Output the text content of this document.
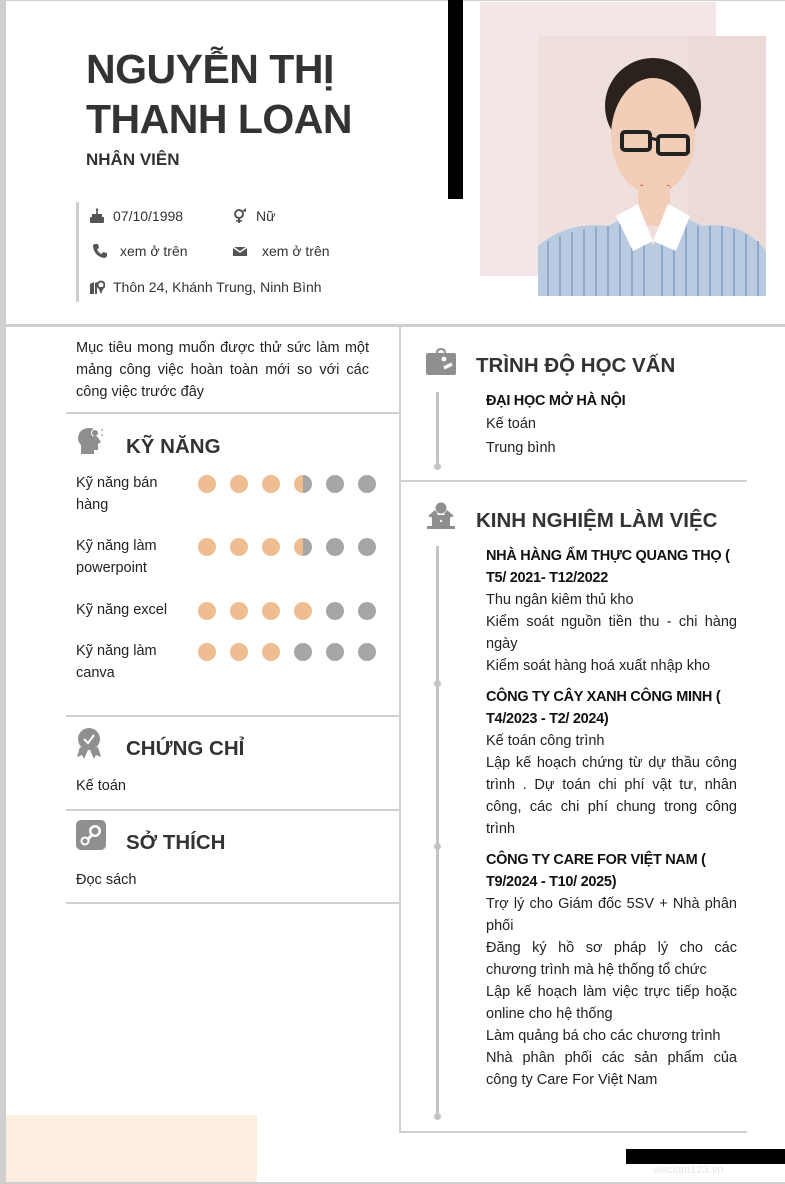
NGUYỄN THỊ
THANH LOAN
NHÂN VIÊN
07/10/1998	Nữ
xem ở trên	xem ở trên
Thôn 24, Khánh Trung, Ninh Bình
Mục tiêu mong muốn được thử sức làm một mảng công việc hoàn toàn mới so với các công việc trước đây
KỸ NĂNG
Kỹ năng bán hàng
Kỹ năng làm powerpoint
Kỹ năng excel
Kỹ năng làm canva
CHỨNG CHỈ
Kế toán
SỞ THÍCH
Đọc sách
TRÌNH ĐỘ HỌC VẤN
ĐẠI HỌC MỞ HÀ NỘI
Kế toán
Trung bình
KINH NGHIỆM LÀM VIỆC
NHÀ HÀNG ẨM THỰC QUANG THỌ ( T5/ 2021- T12/2022
Thu ngân kiêm thủ kho
Kiểm soát nguồn tiền thu - chi hàng ngày
Kiểm soát hàng hoá xuất nhập kho
CÔNG TY CÂY XANH CÔNG MINH ( T4/2023 - T2/ 2024)
Kế toán công trình
Lập kế hoạch chứng từ dự thầu công trình . Dự toán chi phí vật tư, nhân công, các chi phí chung trong công trình
CÔNG TY CARE FOR VIỆT NAM ( T9/2024 - T10/ 2025)
Trợ lý cho Giám đốc 5SV + Nhà phân phối
Đăng ký hồ sơ pháp lý cho các chương trình mà hệ thống tổ chức
Lập kế hoạch làm việc trực tiếp hoặc online cho hệ thống
Làm quảng bá cho các chương trình
Nhà phân phối các sản phẩm của công ty Care For Việt Nam
vieclam123.vn
